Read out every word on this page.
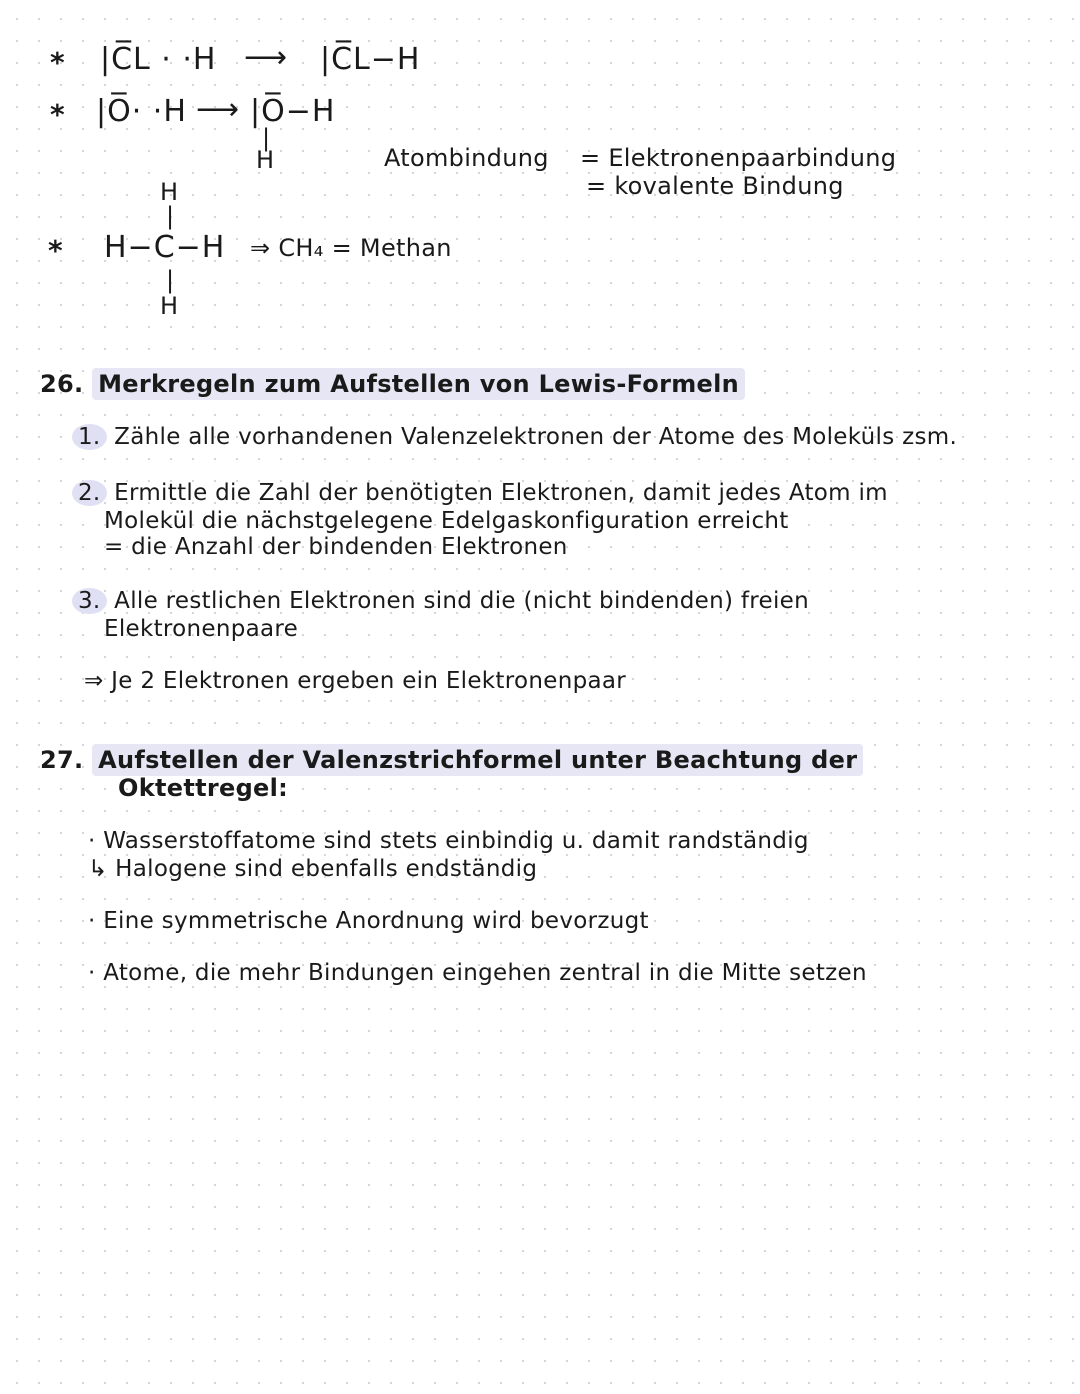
* |C̅L · ·H ⟶ |C̅L−H
* |O̅· ·H ⟶ |O̅−H
|
H	Atombindung = Elektronenpaarbindung
= kovalente Bindung
H
|
* H−C−H ⇒ CH₄ = Methan
|
H
26. Merkregeln zum Aufstellen von Lewis-Formeln
1. Zähle alle vorhandenen Valenzelektronen der Atome des Moleküls zsm.
2. Ermittle die Zahl der benötigten Elektronen, damit jedes Atom im
Molekül die nächstgelegene Edelgaskonfiguration erreicht
= die Anzahl der bindenden Elektronen
3. Alle restlichen Elektronen sind die (nicht bindenden) freien
Elektronenpaare
⇒ Je 2 Elektronen ergeben ein Elektronenpaar
27. Aufstellen der Valenzstrichformel unter Beachtung der
Oktettregel:
· Wasserstoffatome sind stets einbindig u. damit randständig
↳ Halogene sind ebenfalls endständig
· Eine symmetrische Anordnung wird bevorzugt
· Atome, die mehr Bindungen eingehen zentral in die Mitte setzen
